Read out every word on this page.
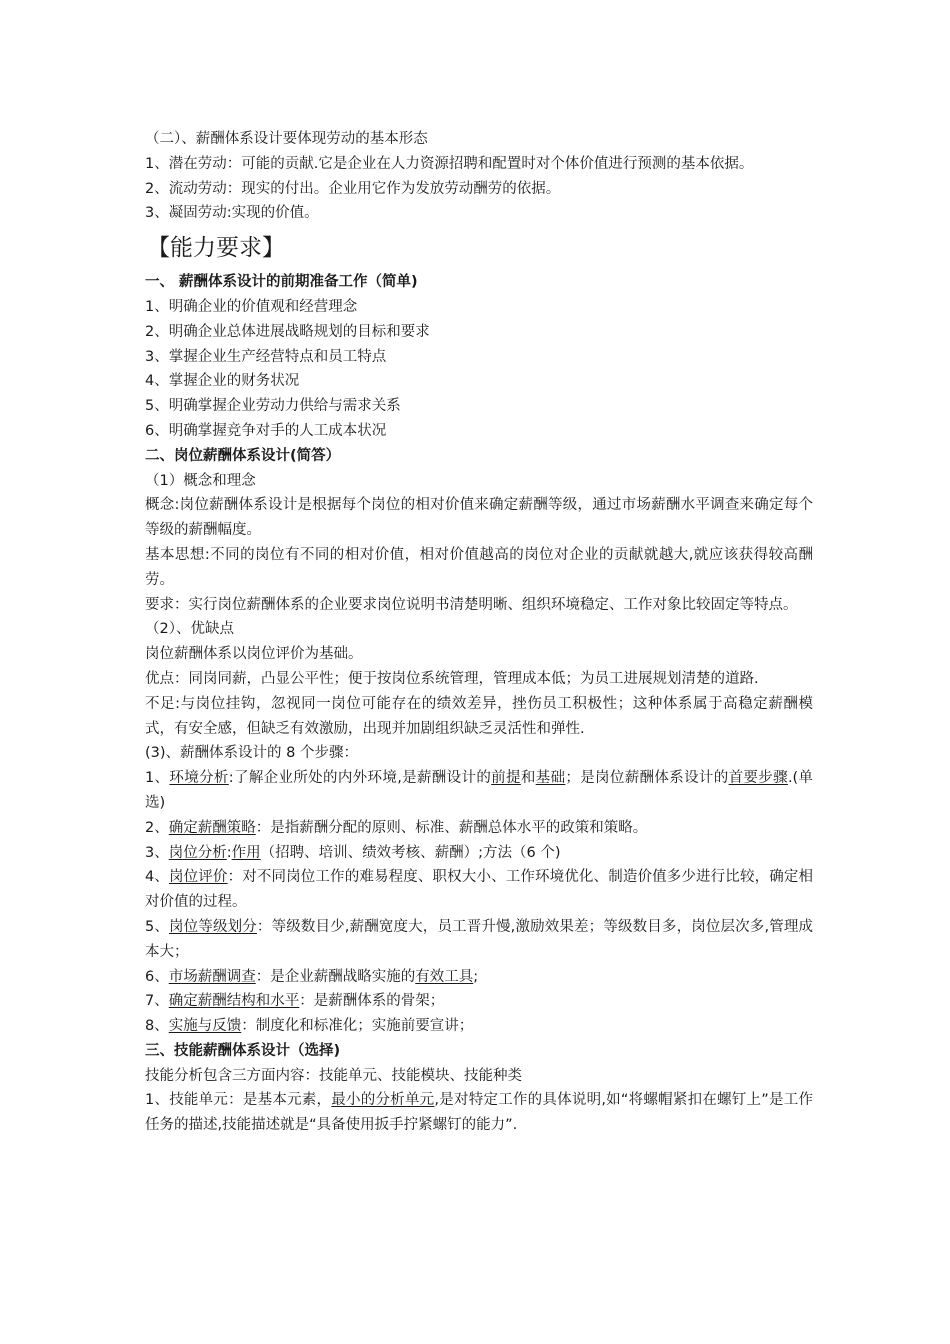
（二）、薪酬体系设计要体现劳动的基本形态

1、潜在劳动：可能的贡献.它是企业在人力资源招聘和配置时对个体价值进行预测的基本依据。

2、流动劳动：现实的付出。企业用它作为发放劳动酬劳的依据。

3、凝固劳动:实现的价值。

【能力要求】

一、 薪酬体系设计的前期准备工作（简单)

1、明确企业的价值观和经营理念

2、明确企业总体进展战略规划的目标和要求

3、掌握企业生产经营特点和员工特点

4、掌握企业的财务状况

5、明确掌握企业劳动力供给与需求关系

6、明确掌握竞争对手的人工成本状况

二、岗位薪酬体系设计(简答）

（1）概念和理念

概念:岗位薪酬体系设计是根据每个岗位的相对价值来确定薪酬等级，通过市场薪酬水平调查来确定每个等级的薪酬幅度。

基本思想:不同的岗位有不同的相对价值，相对价值越高的岗位对企业的贡献就越大,就应该获得较高酬劳。

要求：实行岗位薪酬体系的企业要求岗位说明书清楚明晰、组织环境稳定、工作对象比较固定等特点。

（2）、优缺点

岗位薪酬体系以岗位评价为基础。

优点：同岗同薪，凸显公平性；便于按岗位系统管理，管理成本低；为员工进展规划清楚的道路.

不足:与岗位挂钩，忽视同一岗位可能存在的绩效差异，挫伤员工积极性；这种体系属于高稳定薪酬模式，有安全感，但缺乏有效激励，出现并加剧组织缺乏灵活性和弹性.

(3)、薪酬体系设计的 8 个步骤：

1、环境分析:了解企业所处的内外环境,是薪酬设计的前提和基础；是岗位薪酬体系设计的首要步骤.(单选)

2、确定薪酬策略：是指薪酬分配的原则、标准、薪酬总体水平的政策和策略。

3、岗位分析:作用（招聘、培训、绩效考核、薪酬）;方法（6 个)

4、岗位评价：对不同岗位工作的难易程度、职权大小、工作环境优化、制造价值多少进行比较，确定相对价值的过程。

5、岗位等级划分：等级数目少,薪酬宽度大，员工晋升慢,激励效果差；等级数目多，岗位层次多,管理成本大；

6、市场薪酬调查：是企业薪酬战略实施的有效工具;

7、确定薪酬结构和水平：是薪酬体系的骨架；

8、实施与反馈：制度化和标准化；实施前要宣讲；

三、技能薪酬体系设计（选择)

技能分析包含三方面内容：技能单元、技能模块、技能种类

1、技能单元：是基本元素，最小的分析单元,是对特定工作的具体说明,如“将螺帽紧扣在螺钉上”是工作任务的描述,技能描述就是“具备使用扳手拧紧螺钉的能力”.
